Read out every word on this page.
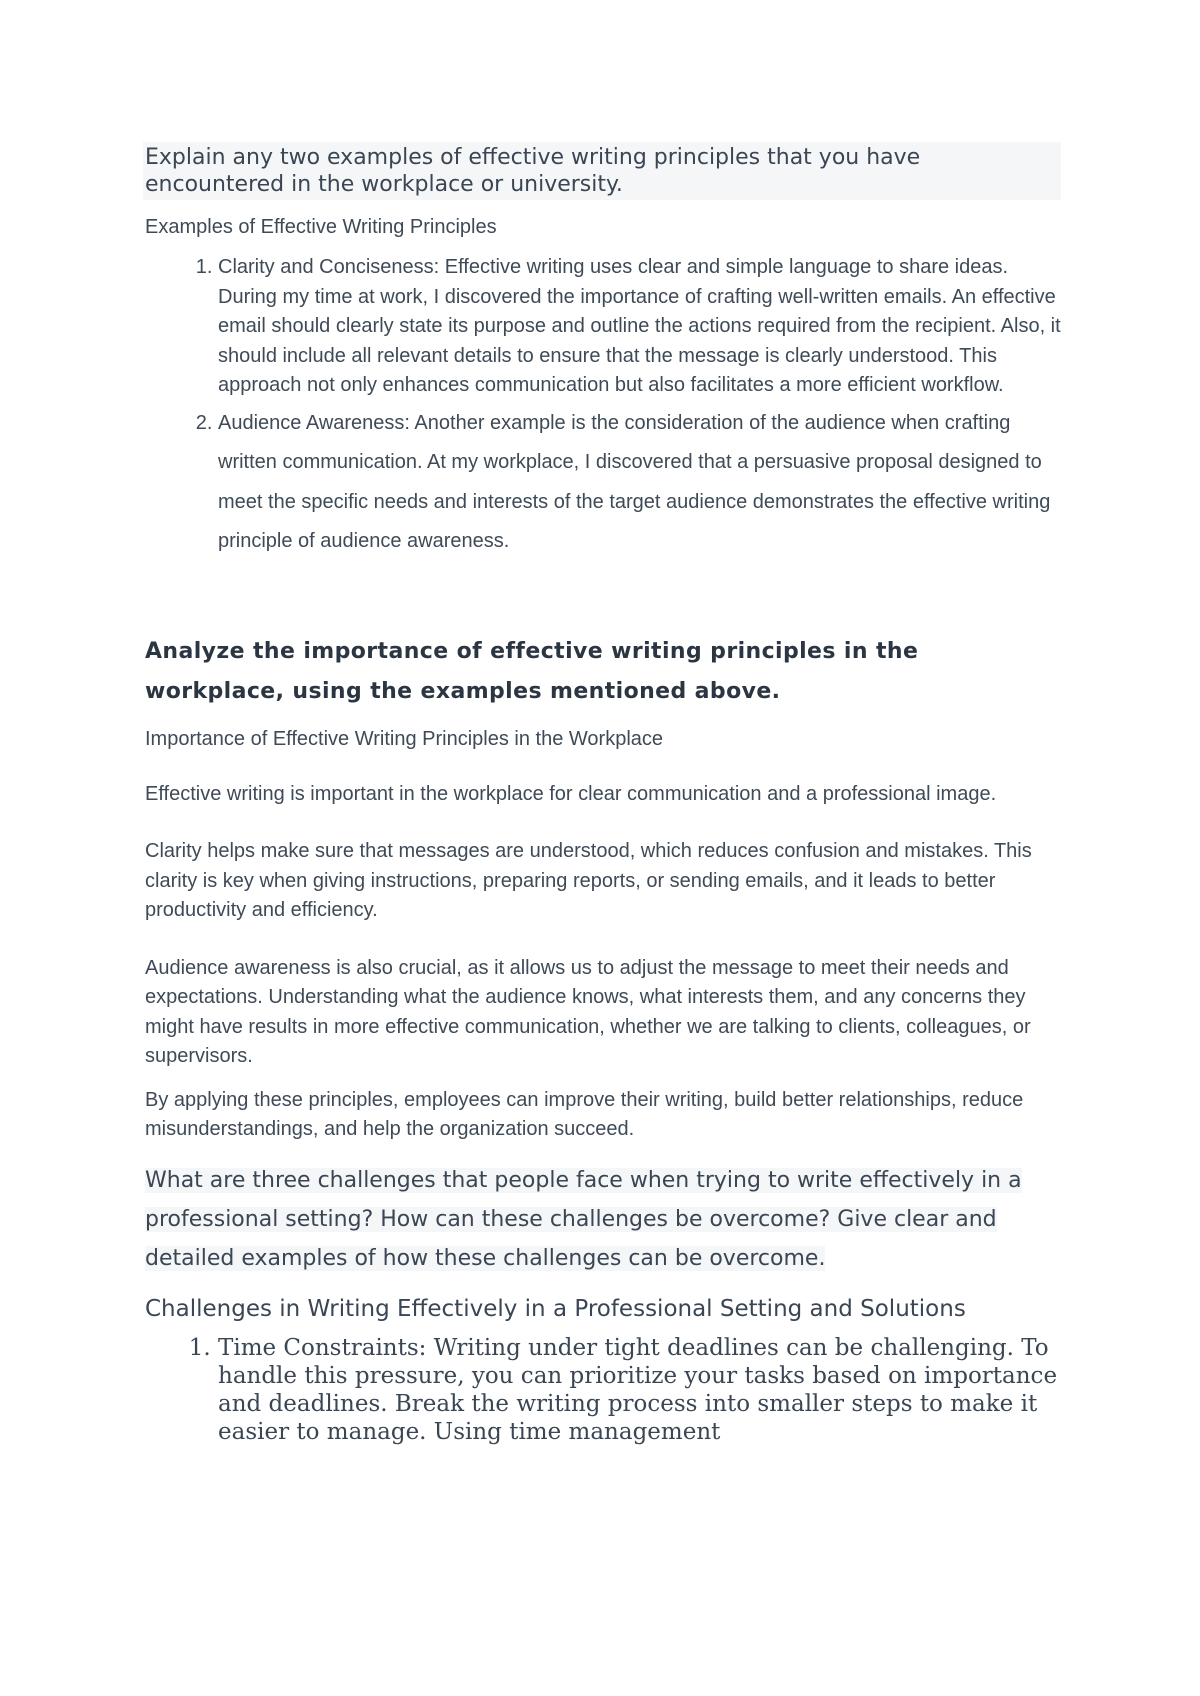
Explain any two examples of effective writing principles that you have encountered in the workplace or university.

Examples of Effective Writing Principles

1. Clarity and Conciseness: Effective writing uses clear and simple language to share ideas. During my time at work, I discovered the importance of crafting well-written emails. An effective email should clearly state its purpose and outline the actions required from the recipient. Also, it should include all relevant details to ensure that the message is clearly understood. This approach not only enhances communication but also facilitates a more efficient workflow.
2. Audience Awareness: Another example is the consideration of the audience when crafting written communication. At my workplace, I discovered that a persuasive proposal designed to meet the specific needs and interests of the target audience demonstrates the effective writing principle of audience awareness.

Analyze the importance of effective writing principles in the workplace, using the examples mentioned above.

Importance of Effective Writing Principles in the Workplace

Effective writing is important in the workplace for clear communication and a professional image.

Clarity helps make sure that messages are understood, which reduces confusion and mistakes. This clarity is key when giving instructions, preparing reports, or sending emails, and it leads to better productivity and efficiency.

Audience awareness is also crucial, as it allows us to adjust the message to meet their needs and expectations. Understanding what the audience knows, what interests them, and any concerns they might have results in more effective communication, whether we are talking to clients, colleagues, or supervisors.

By applying these principles, employees can improve their writing, build better relationships, reduce misunderstandings, and help the organization succeed.

What are three challenges that people face when trying to write effectively in a professional setting? How can these challenges be overcome? Give clear and detailed examples of how these challenges can be overcome.

Challenges in Writing Effectively in a Professional Setting and Solutions

1. Time Constraints: Writing under tight deadlines can be challenging. To handle this pressure, you can prioritize your tasks based on importance and deadlines. Break the writing process into smaller steps to make it easier to manage. Using time management
